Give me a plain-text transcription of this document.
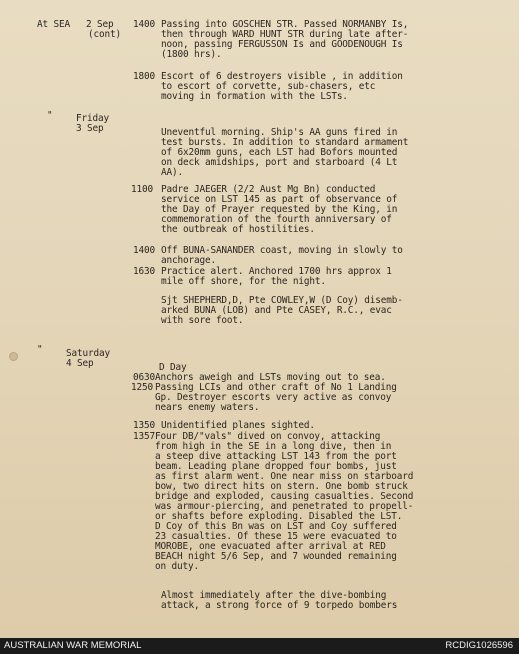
At SEA 2 Sep
(cont)
1400 Passing into GOSCHEN STR. Passed NORMANBY Is,
then through WARD HUNT STR during late after-
noon, passing FERGUSSON Is and GOODENOUGH Is
(1800 hrs).
1800 Escort of 6 destroyers visible , in addition
to escort of corvette, sub-chasers, etc
moving in formation with the LSTs.
"	Friday
3 Sep	Uneventful morning. Ship's AA guns fired in
test bursts. In addition to standard armament
of 6x20mm guns, each LST had Bofors mounted
on deck amidships, port and starboard (4 Lt
AA).
1100 Padre JAEGER (2/2 Aust Mg Bn) conducted
service on LST 145 as part of observance of
the Day of Prayer requested by the King, in
commemoration of the fourth anniversary of
the outbreak of hostilities.
1400 Off BUNA-SANANDER coast, moving in slowly to
anchorage.
1630 Practice alert. Anchored 1700 hrs approx 1
mile off shore, for the night.
Sjt SHEPHERD,D, Pte COWLEY,W (D Coy) disemb-
arked BUNA (LOB) and Pte CASEY, R.C., evac
with sore foot.
"	Saturday
4 Sep	D Day
0630 Anchors aweigh and LSTs moving out to sea.
1250 Passing LCIs and other craft of No 1 Landing
Gp. Destroyer escorts very active as convoy
nears enemy waters.
1350 Unidentified planes sighted.
1357 Four DB/"vals" dived on convoy, attacking
from high in the SE in a long dive, then in
a steep dive attacking LST 143 from the port
beam. Leading plane dropped four bombs, just
as first alarm went. One near miss on starboard
bow, two direct hits on stern. One bomb struck
bridge and exploded, causing casualties. Second
was armour-piercing, and penetrated to propell-
or shafts before exploding. Disabled the LST.
D Coy of this Bn was on LST and Coy suffered
23 casualties. Of these 15 were evacuated to
MOROBE, one evacuated after arrival at RED
BEACH night 5/6 Sep, and 7 wounded remaining
on duty.
Almost immediately after the dive-bombing
attack, a strong force of 9 torpedo bombers
AUSTRALIAN WAR MEMORIAL	RCDIG1026596
